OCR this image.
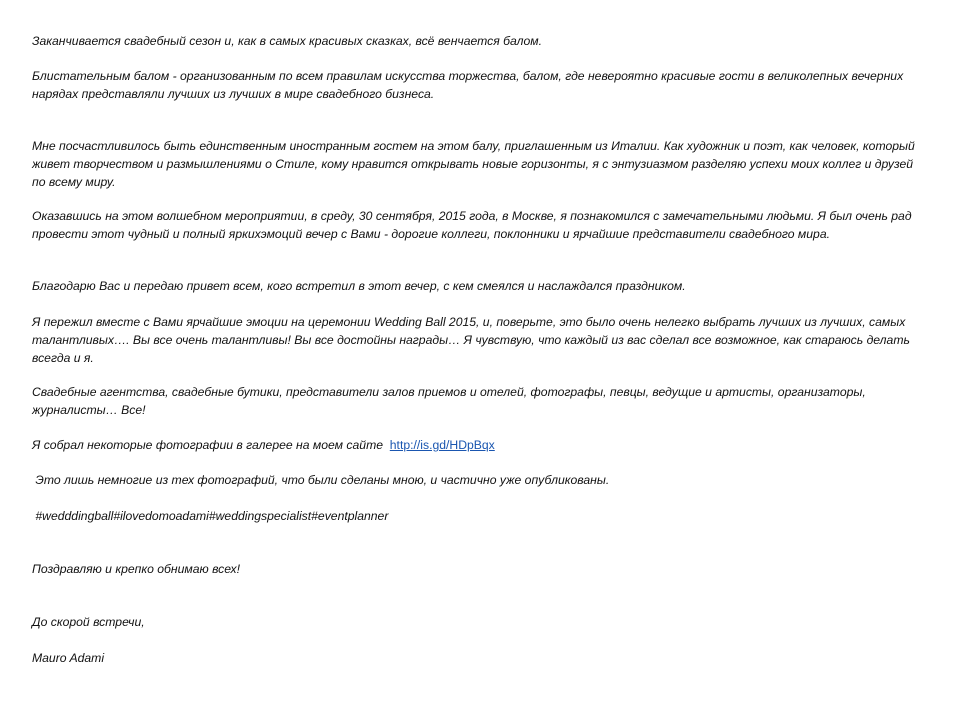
Заканчивается свадебный сезон и, как в самых красивых сказках, всё венчается балом.

Блистательным балом - организованным по всем правилам искусства торжества, балом, где невероятно красивые гости в великолепных вечерних нарядах представляли лучших из лучших в мире свадебного бизнеса.

Мне посчастливилось быть единственным иностранным гостем на этом балу, приглашенным из Италии. Как художник и поэт, как человек, который живет творчеством и размышлениями о Стиле, кому нравится открывать новые горизонты, я с энтузиазмом разделяю успехи моих коллег и друзей по всему миру.

Оказавшись на этом волшебном мероприятии, в среду, 30 сентября, 2015 года, в Москве, я познакомился с замечательными людьми. Я был очень рад провести этот чудный и полный яркихэмоций вечер с Вами - дорогие коллеги, поклонники и ярчайшие представители свадебного мира.

Благодарю Вас и передаю привет всем, кого встретил в этот вечер, с кем смеялся и наслаждался праздником.

Я пережил вместе с Вами ярчайшие эмоции на церемонии Wedding Ball 2015, и, поверьте, это было очень нелегко выбрать лучших из лучших, самых талантливых…. Вы все очень талантливы! Вы все достойны награды… Я чувствую, что каждый из вас сделал все возможное, как стараюсь делать всегда и я.

Свадебные агентства, свадебные бутики, представители залов приемов и отелей, фотографы, певцы, ведущие и артисты, организаторы, журналисты… Все!

Я собрал некоторые фотографии в галерее на моем сайте  http://is.gd/HDpBqx

Это лишь немногие из тех фотографий, что были сделаны мною, и частично уже опубликованы.

#wedddingball#ilovedomoadami#weddingspecialist#eventplanner

Поздравляю и крепко обнимаю всех!

До скорой встречи,

Mauro Adami
